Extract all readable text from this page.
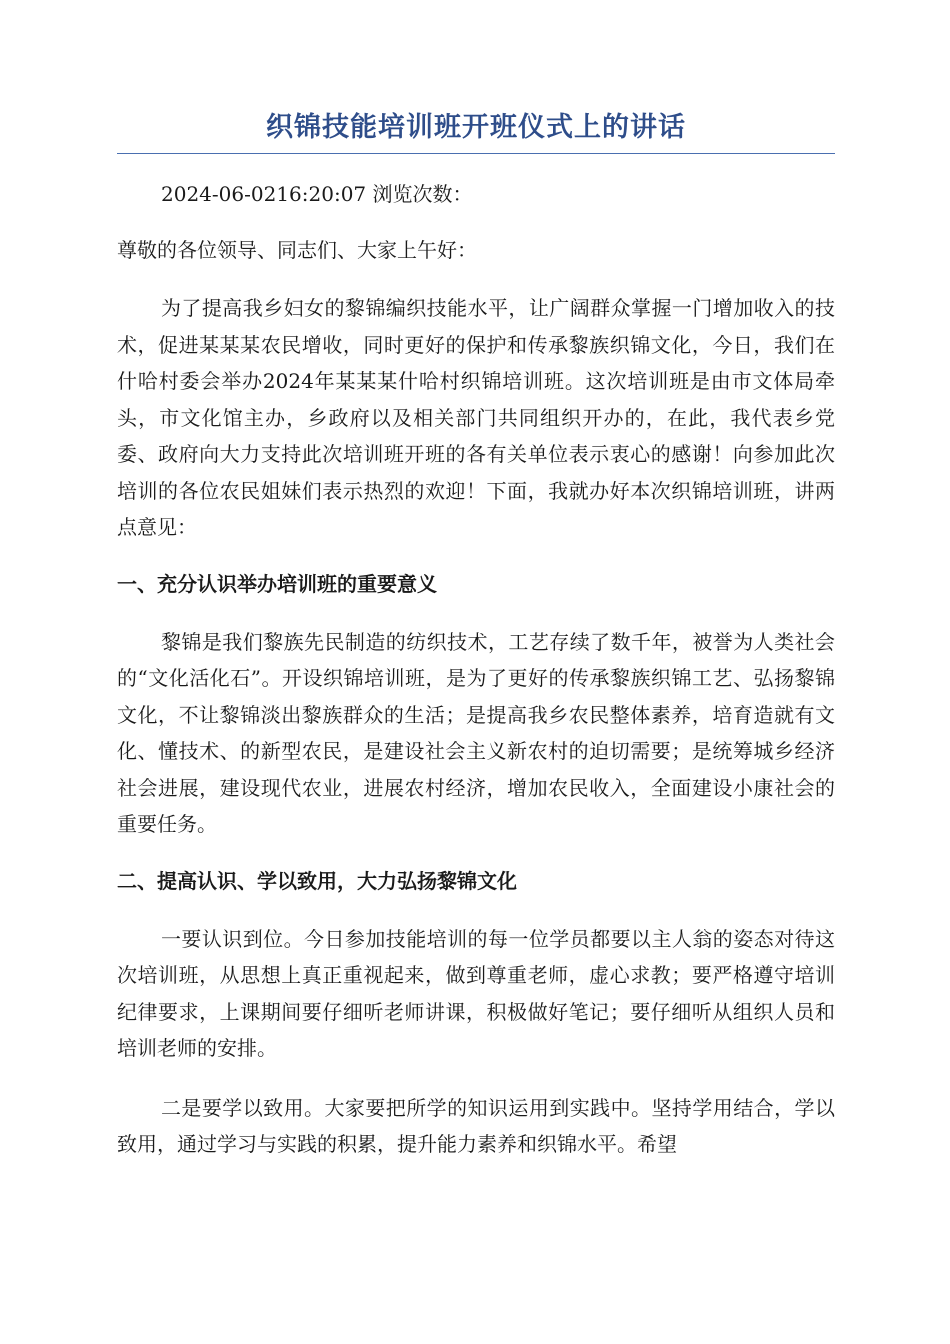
织锦技能培训班开班仪式上的讲话

2024-06-0216:20:07 浏览次数：

尊敬的各位领导、同志们、大家上午好：

为了提高我乡妇女的黎锦编织技能水平，让广阔群众掌握一门增加收入的技术，促进某某某农民增收，同时更好的保护和传承黎族织锦文化，今日，我们在什哈村委会举办2024年某某某什哈村织锦培训班。这次培训班是由市文体局牵头，市文化馆主办，乡政府以及相关部门共同组织开办的，在此，我代表乡党委、政府向大力支持此次培训班开班的各有关单位表示衷心的感谢！向参加此次培训的各位农民姐妹们表示热烈的欢迎！下面，我就办好本次织锦培训班，讲两点意见：

一、充分认识举办培训班的重要意义

黎锦是我们黎族先民制造的纺织技术，工艺存续了数千年，被誉为人类社会的“文化活化石”。开设织锦培训班，是为了更好的传承黎族织锦工艺、弘扬黎锦文化，不让黎锦淡出黎族群众的生活；是提高我乡农民整体素养，培育造就有文化、懂技术、的新型农民，是建设社会主义新农村的迫切需要；是统筹城乡经济社会进展，建设现代农业，进展农村经济，增加农民收入，全面建设小康社会的重要任务。

二、提高认识、学以致用，大力弘扬黎锦文化

一要认识到位。今日参加技能培训的每一位学员都要以主人翁的姿态对待这次培训班，从思想上真正重视起来，做到尊重老师，虚心求教；要严格遵守培训纪律要求，上课期间要仔细听老师讲课，积极做好笔记；要仔细听从组织人员和培训老师的安排。

二是要学以致用。大家要把所学的知识运用到实践中。坚持学用结合，学以致用，通过学习与实践的积累，提升能力素养和织锦水平。希望
